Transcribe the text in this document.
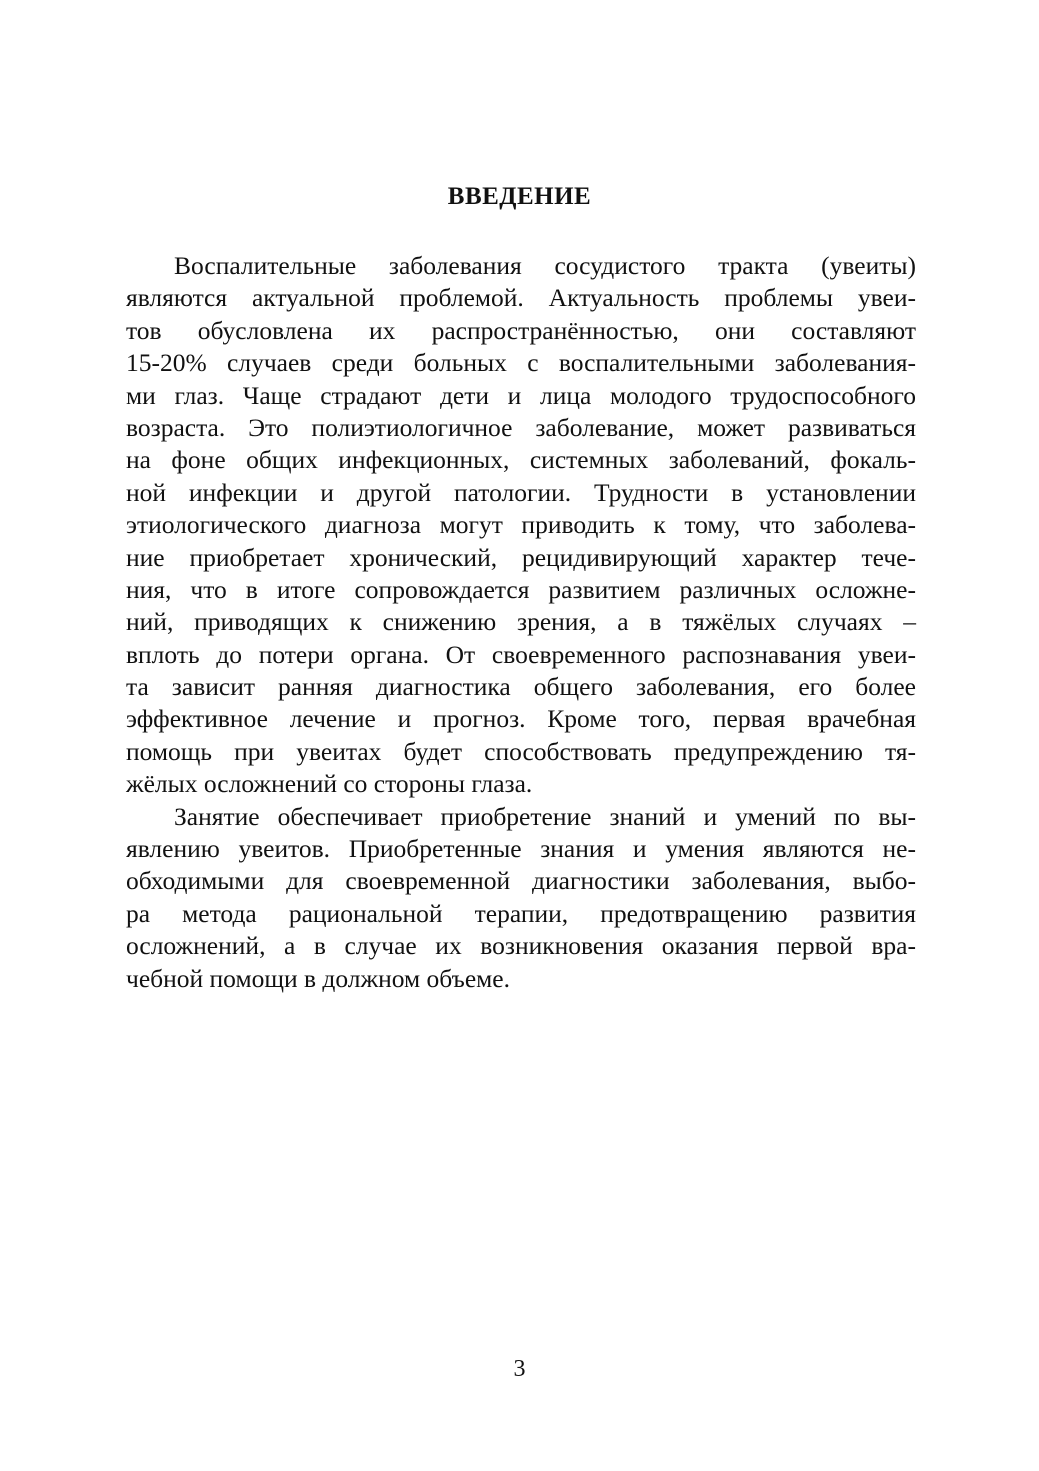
ВВЕДЕНИЕ

Воспалительные заболевания сосудистого тракта (увеиты)
являются актуальной проблемой. Актуальность проблемы увеи-
тов обусловлена их распространённостью, они составляют
15-20% случаев среди больных с воспалительными заболевания-
ми глаз. Чаще страдают дети и лица молодого трудоспособного
возраста. Это полиэтиологичное заболевание, может развиваться
на фоне общих инфекционных, системных заболеваний, фокаль-
ной инфекции и другой патологии. Трудности в установлении
этиологического диагноза могут приводить к тому, что заболева-
ние приобретает хронический, рецидивирующий характер тече-
ния, что в итоге сопровождается развитием различных осложне-
ний, приводящих к снижению зрения, а в тяжёлых случаях –
вплоть до потери органа. От своевременного распознавания увеи-
та зависит ранняя диагностика общего заболевания, его более
эффективное лечение и прогноз. Кроме того, первая врачебная
помощь при увеитах будет способствовать предупреждению тя-
жёлых осложнений со стороны глаза.

Занятие обеспечивает приобретение знаний и умений по вы-
явлению увеитов. Приобретенные знания и умения являются не-
обходимыми для своевременной диагностики заболевания, выбо-
ра метода рациональной терапии, предотвращению развития
осложнений, а в случае их возникновения оказания первой вра-
чебной помощи в должном объеме.

3
